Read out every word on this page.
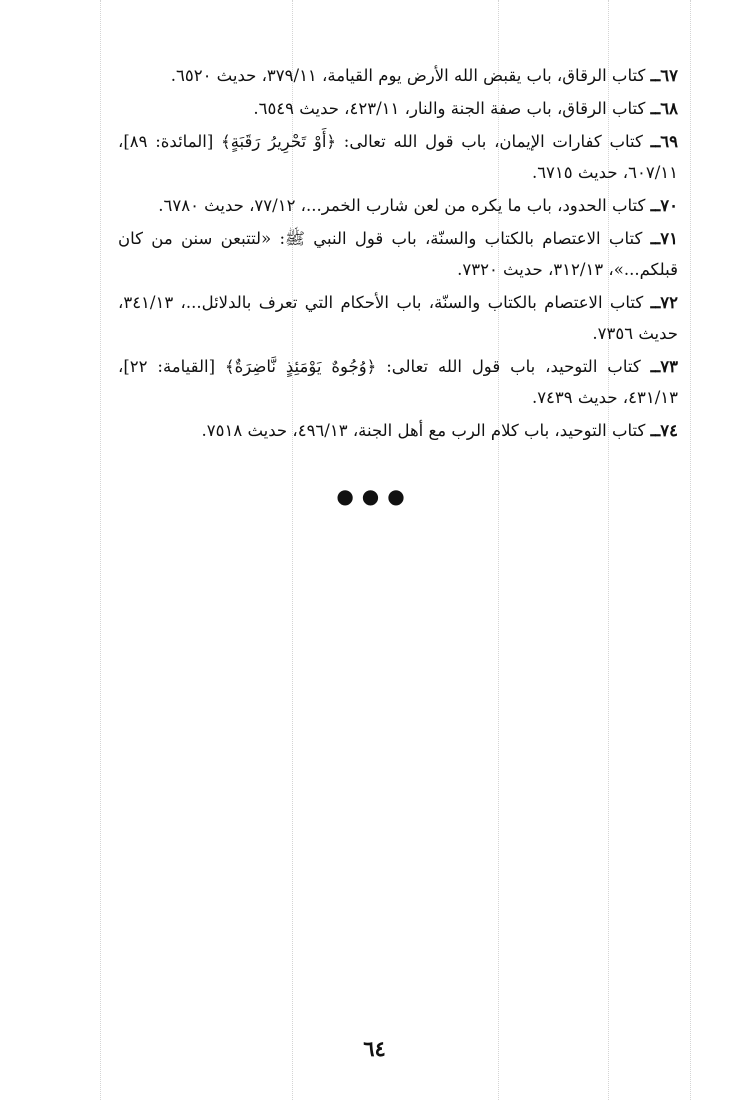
٦٧ــ كتاب الرقاق، باب يقبض الله الأرض يوم القيامة، ٣٧٩/١١، حديث ٦٥٢٠.

٦٨ــ كتاب الرقاق، باب صفة الجنة والنار، ٤٢٣/١١، حديث ٦٥٤٩.

٦٩ــ كتاب كفارات الإيمان، باب قول الله تعالى: ﴿أَوْ تَحْرِيرُ رَقَبَةٍ﴾ [المائدة: ٨٩]، ٦٠٧/١١، حديث ٦٧١٥.

٧٠ــ كتاب الحدود، باب ما يكره من لعن شارب الخمر...، ٧٧/١٢، حديث ٦٧٨٠.

٧١ــ كتاب الاعتصام بالكتاب والسنّة، باب قول النبي ﷺ: «لتتبعن سنن من كان قبلكم...»، ٣١٢/١٣، حديث ٧٣٢٠.

٧٢ــ كتاب الاعتصام بالكتاب والسنّة، باب الأحكام التي تعرف بالدلائل...، ٣٤١/١٣، حديث ٧٣٥٦.

٧٣ــ كتاب التوحيد، باب قول الله تعالى: ﴿وُجُوهٌ يَوْمَئِذٍ نَّاضِرَةٌ﴾ [القيامة: ٢٢]، ٤٣١/١٣، حديث ٧٤٣٩.

٧٤ــ كتاب التوحيد، باب كلام الرب مع أهل الجنة، ٤٩٦/١٣، حديث ٧٥١٨.

●●●
٦٤
